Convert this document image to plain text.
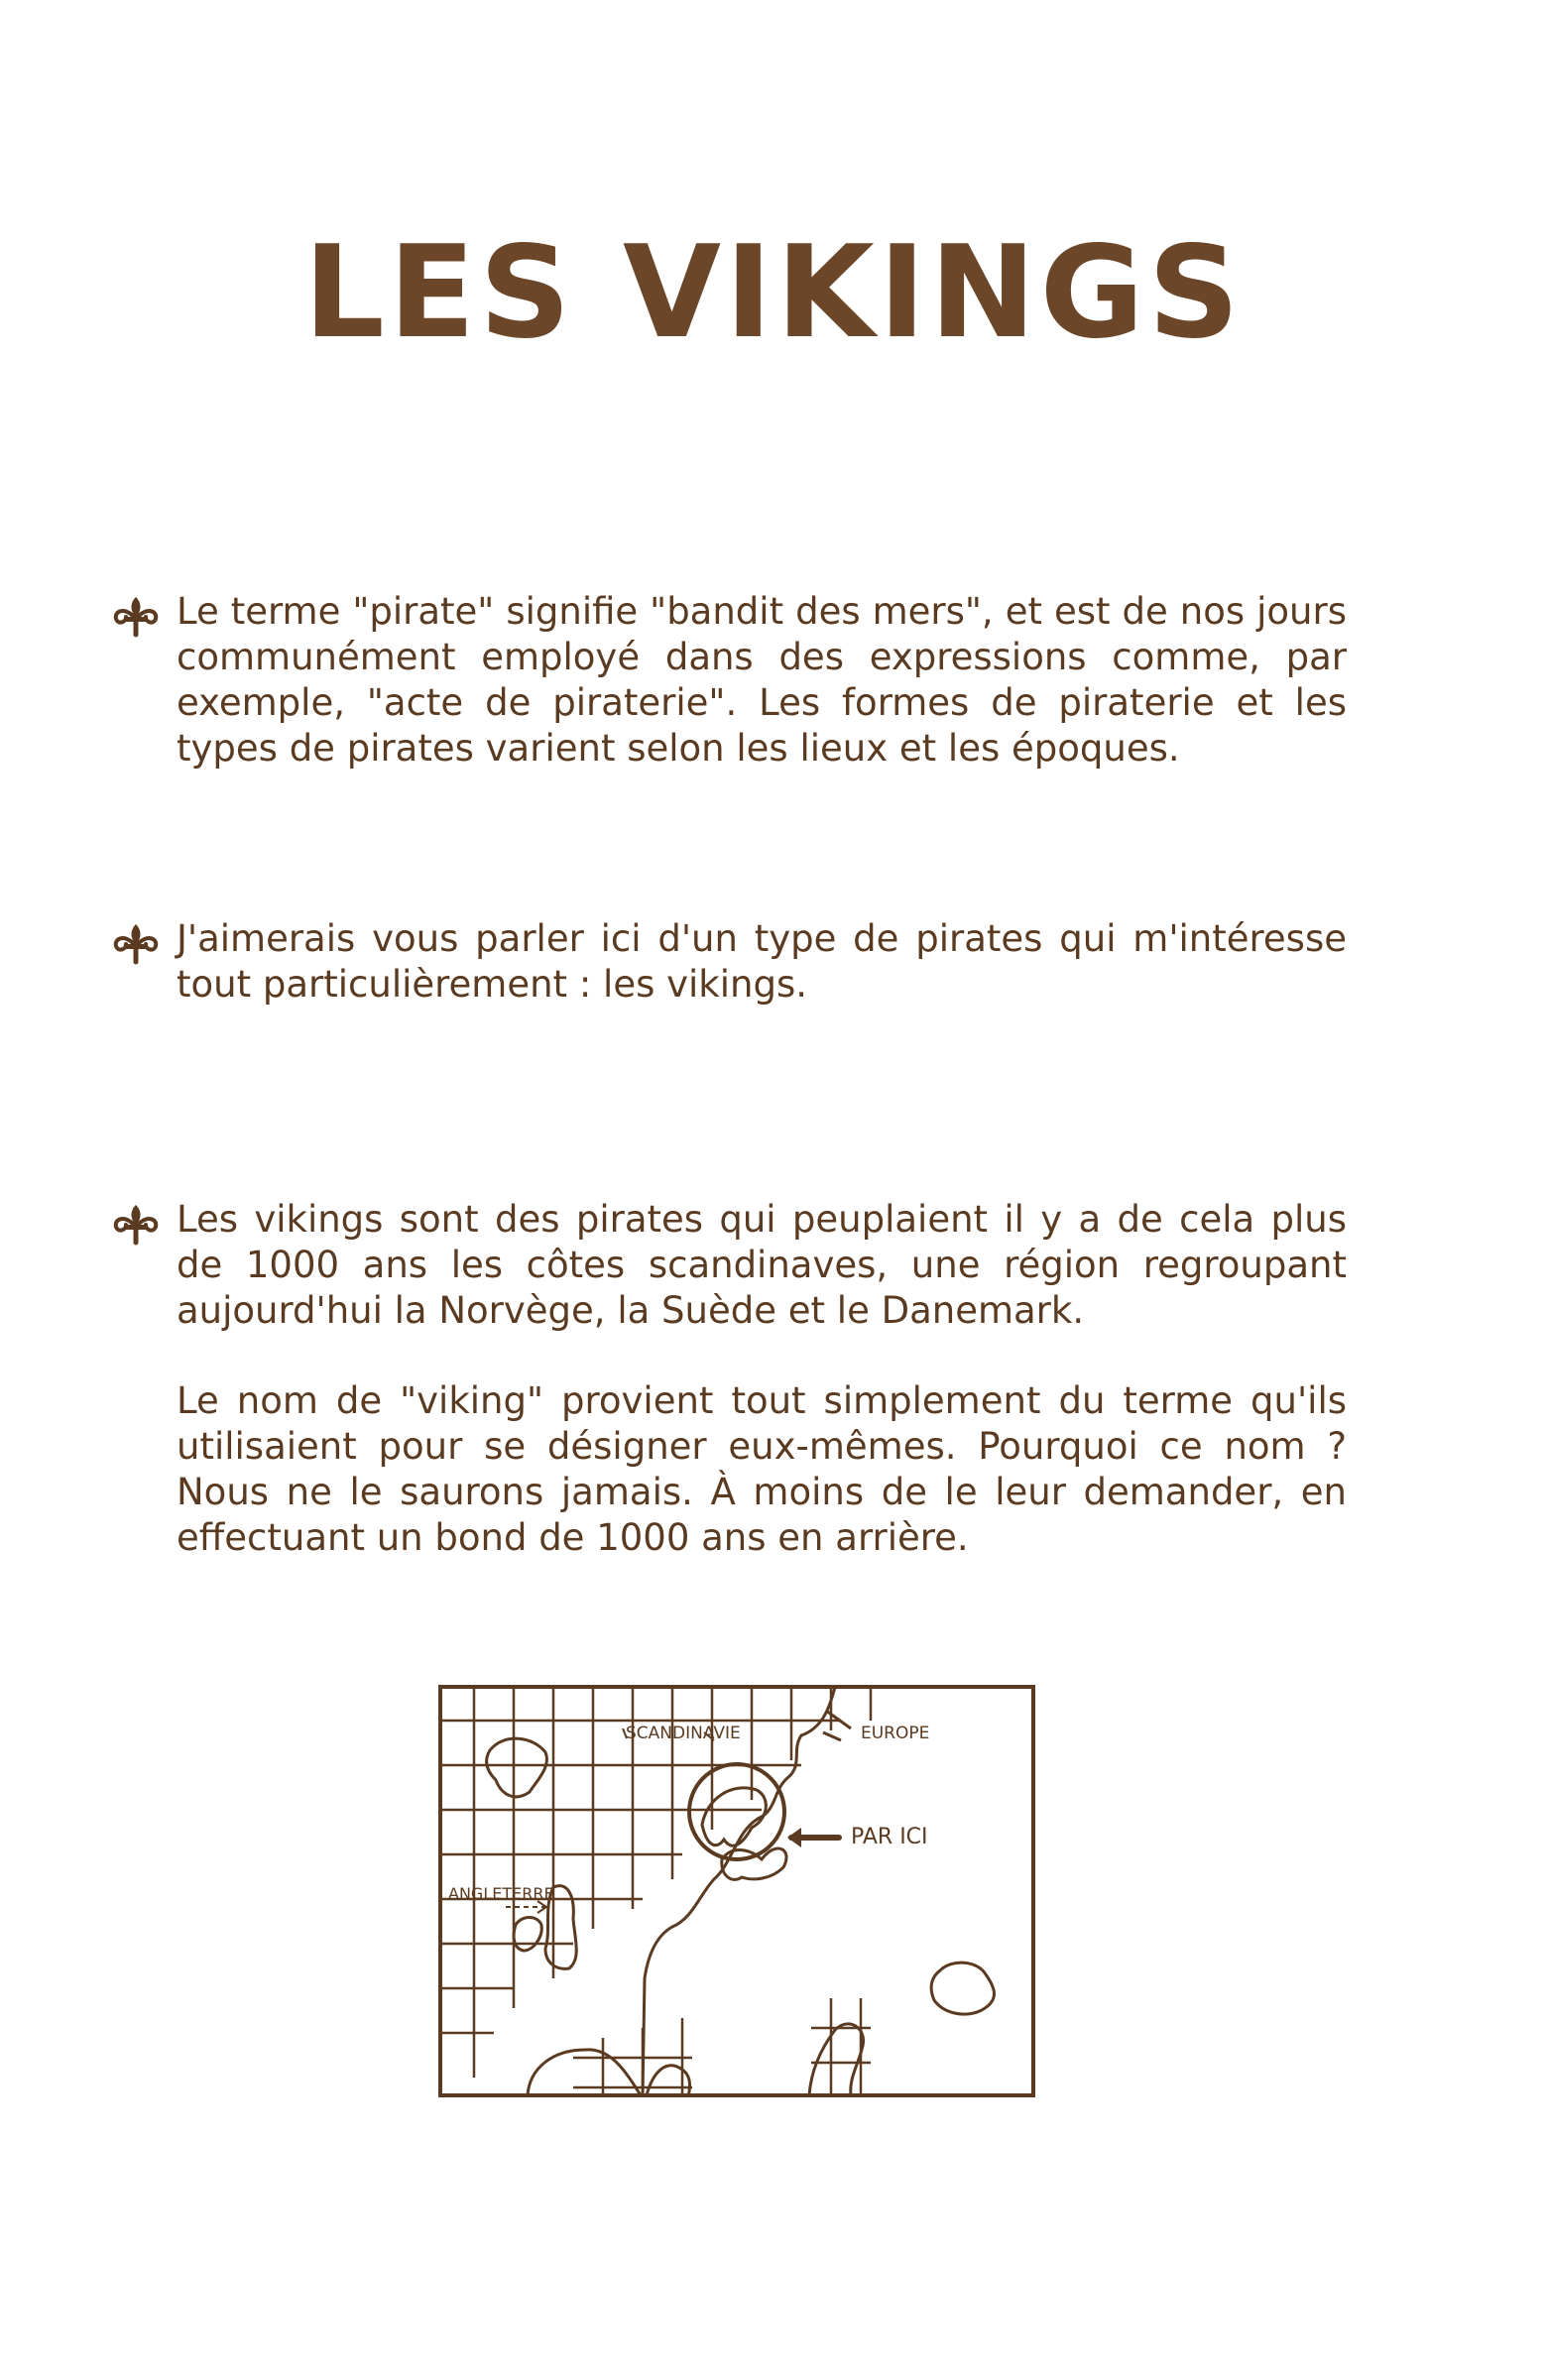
LES VIKINGS

Le terme "pirate" signifie "bandit des mers", et est de nos jours communément employé dans des expressions comme, par exemple, "acte de piraterie". Les formes de piraterie et les types de pirates varient selon les lieux et les époques.

J'aimerais vous parler ici d'un type de pirates qui m'intéresse tout particulièrement : les vikings.

Les vikings sont des pirates qui peuplaient il y a de cela plus de 1000 ans les côtes scandinaves, une région regroupant aujourd'hui la Norvège, la Suède et le Danemark.

Le nom de "viking" provient tout simplement du terme qu'ils utilisaient pour se désigner eux-mêmes. Pourquoi ce nom ? Nous ne le saurons jamais. À moins de le leur demander, en effectuant un bond de 1000 ans en arrière.

SCANDINAVIE	EUROPE
PAR ICI
ANGLETERRE
